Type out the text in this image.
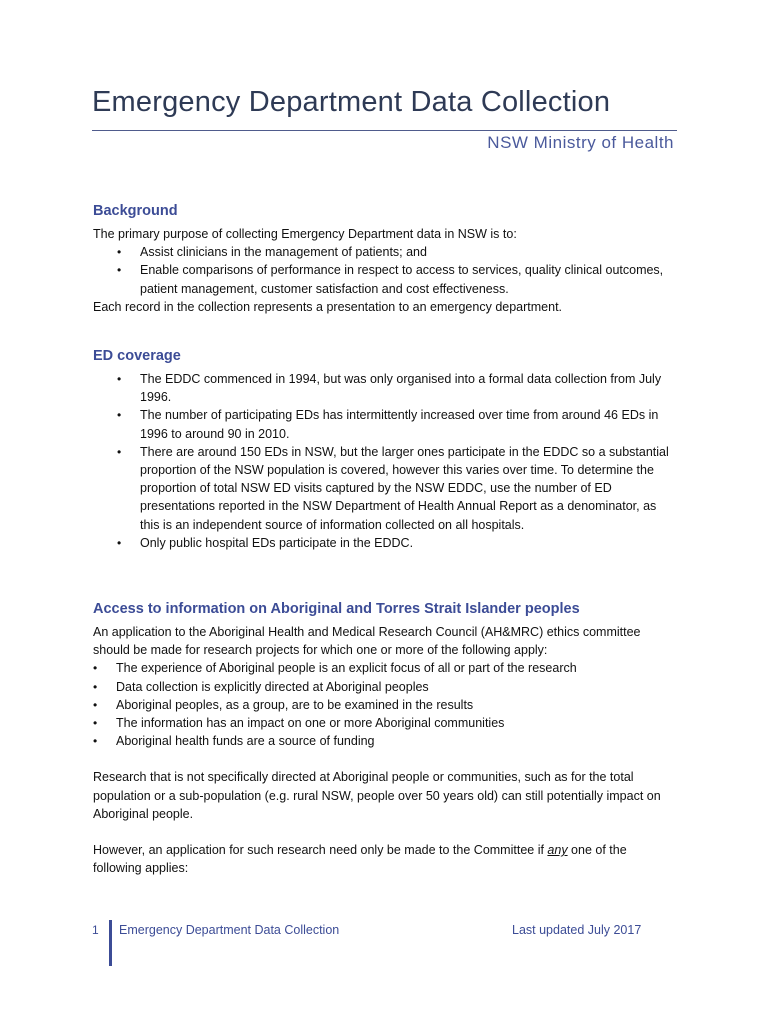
Emergency Department Data Collection
NSW Ministry of Health
Background

The primary purpose of collecting Emergency Department data in NSW is to:

• Assist clinicians in the management of patients; and
• Enable comparisons of performance in respect to access to services, quality clinical outcomes, patient management, customer satisfaction and cost effectiveness.

Each record in the collection represents a presentation to an emergency department.

ED coverage
• The EDDC commenced in 1994, but was only organised into a formal data collection from July 1996.
• The number of participating EDs has intermittently increased over time from around 46 EDs in 1996 to around 90 in 2010.
• There are around 150 EDs in NSW, but the larger ones participate in the EDDC so a substantial proportion of the NSW population is covered, however this varies over time. To determine the proportion of total NSW ED visits captured by the NSW EDDC, use the number of ED presentations reported in the NSW Department of Health Annual Report as a denominator, as this is an independent source of information collected on all hospitals.
• Only public hospital EDs participate in the EDDC.
Access to information on Aboriginal and Torres Strait Islander peoples

An application to the Aboriginal Health and Medical Research Council (AH&MRC) ethics committee should be made for research projects for which one or more of the following apply:

• The experience of Aboriginal people is an explicit focus of all or part of the research
• Data collection is explicitly directed at Aboriginal peoples
• Aboriginal peoples, as a group, are to be examined in the results
• The information has an impact on one or more Aboriginal communities
• Aboriginal health funds are a source of funding

Research that is not specifically directed at Aboriginal people or communities, such as for the total population or a sub-population (e.g. rural NSW, people over 50 years old) can still potentially impact on Aboriginal people.

However, an application for such research need only be made to the Committee if any one of the following applies:

1 Emergency Department Data Collection	Last updated July 2017
